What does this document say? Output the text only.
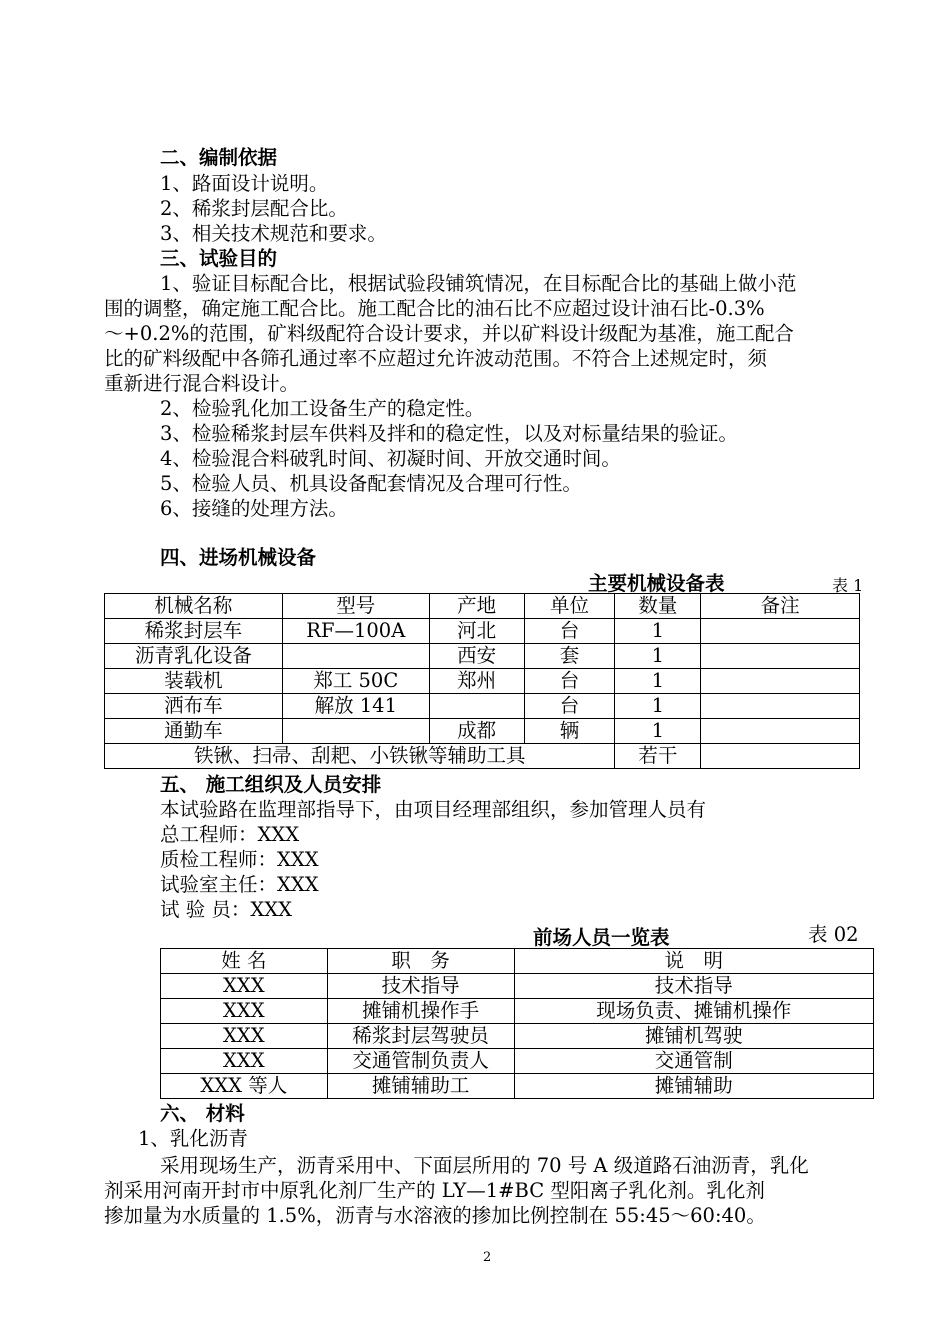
二、编制依据
1、路面设计说明。
2、稀浆封层配合比。
3、相关技术规范和要求。
三、试验目的
1、验证目标配合比，根据试验段铺筑情况，在目标配合比的基础上做小范
围的调整，确定施工配合比。施工配合比的油石比不应超过设计油石比-0.3%
～+0.2%的范围，矿料级配符合设计要求，并以矿料设计级配为基准，施工配合
比的矿料级配中各筛孔通过率不应超过允许波动范围。不符合上述规定时，须
重新进行混合料设计。
2、检验乳化加工设备生产的稳定性。
3、检验稀浆封层车供料及拌和的稳定性，以及对标量结果的验证。
4、检验混合料破乳时间、初凝时间、开放交通时间。
5、检验人员、机具设备配套情况及合理可行性。
6、接缝的处理方法。
四、进场机械设备
主要机械设备表	表 1
机械名称	型号	产地	单位	数量	备注
稀浆封层车	RF—100A	河北	台	1	
沥青乳化设备		西安	套	1	
装载机	郑工 50C	郑州	台	1	
洒布车	解放 141		台	1	
通勤车		成都	辆	1	
铁锹、扫帚、刮耙、小铁锹等辅助工具				若干	
五、 施工组织及人员安排
本试验路在监理部指导下，由项目经理部组织，参加管理人员有
总工程师：XXX
质检工程师：XXX
试验室主任：XXX
试 验 员：XXX
前场人员一览表	表 02
姓 名	职　务	说　明
XXX	技术指导	技术指导
XXX	摊铺机操作手	现场负责、摊铺机操作
XXX	稀浆封层驾驶员	摊铺机驾驶
XXX	交通管制负责人	交通管制
XXX 等人	摊铺辅助工	摊铺辅助
六、 材料
1、乳化沥青
采用现场生产，沥青采用中、下面层所用的 70 号 A 级道路石油沥青，乳化
剂采用河南开封市中原乳化剂厂生产的 LY—1#BC 型阳离子乳化剂。乳化剂
掺加量为水质量的 1.5%，沥青与水溶液的掺加比例控制在 55:45～60:40。
2
